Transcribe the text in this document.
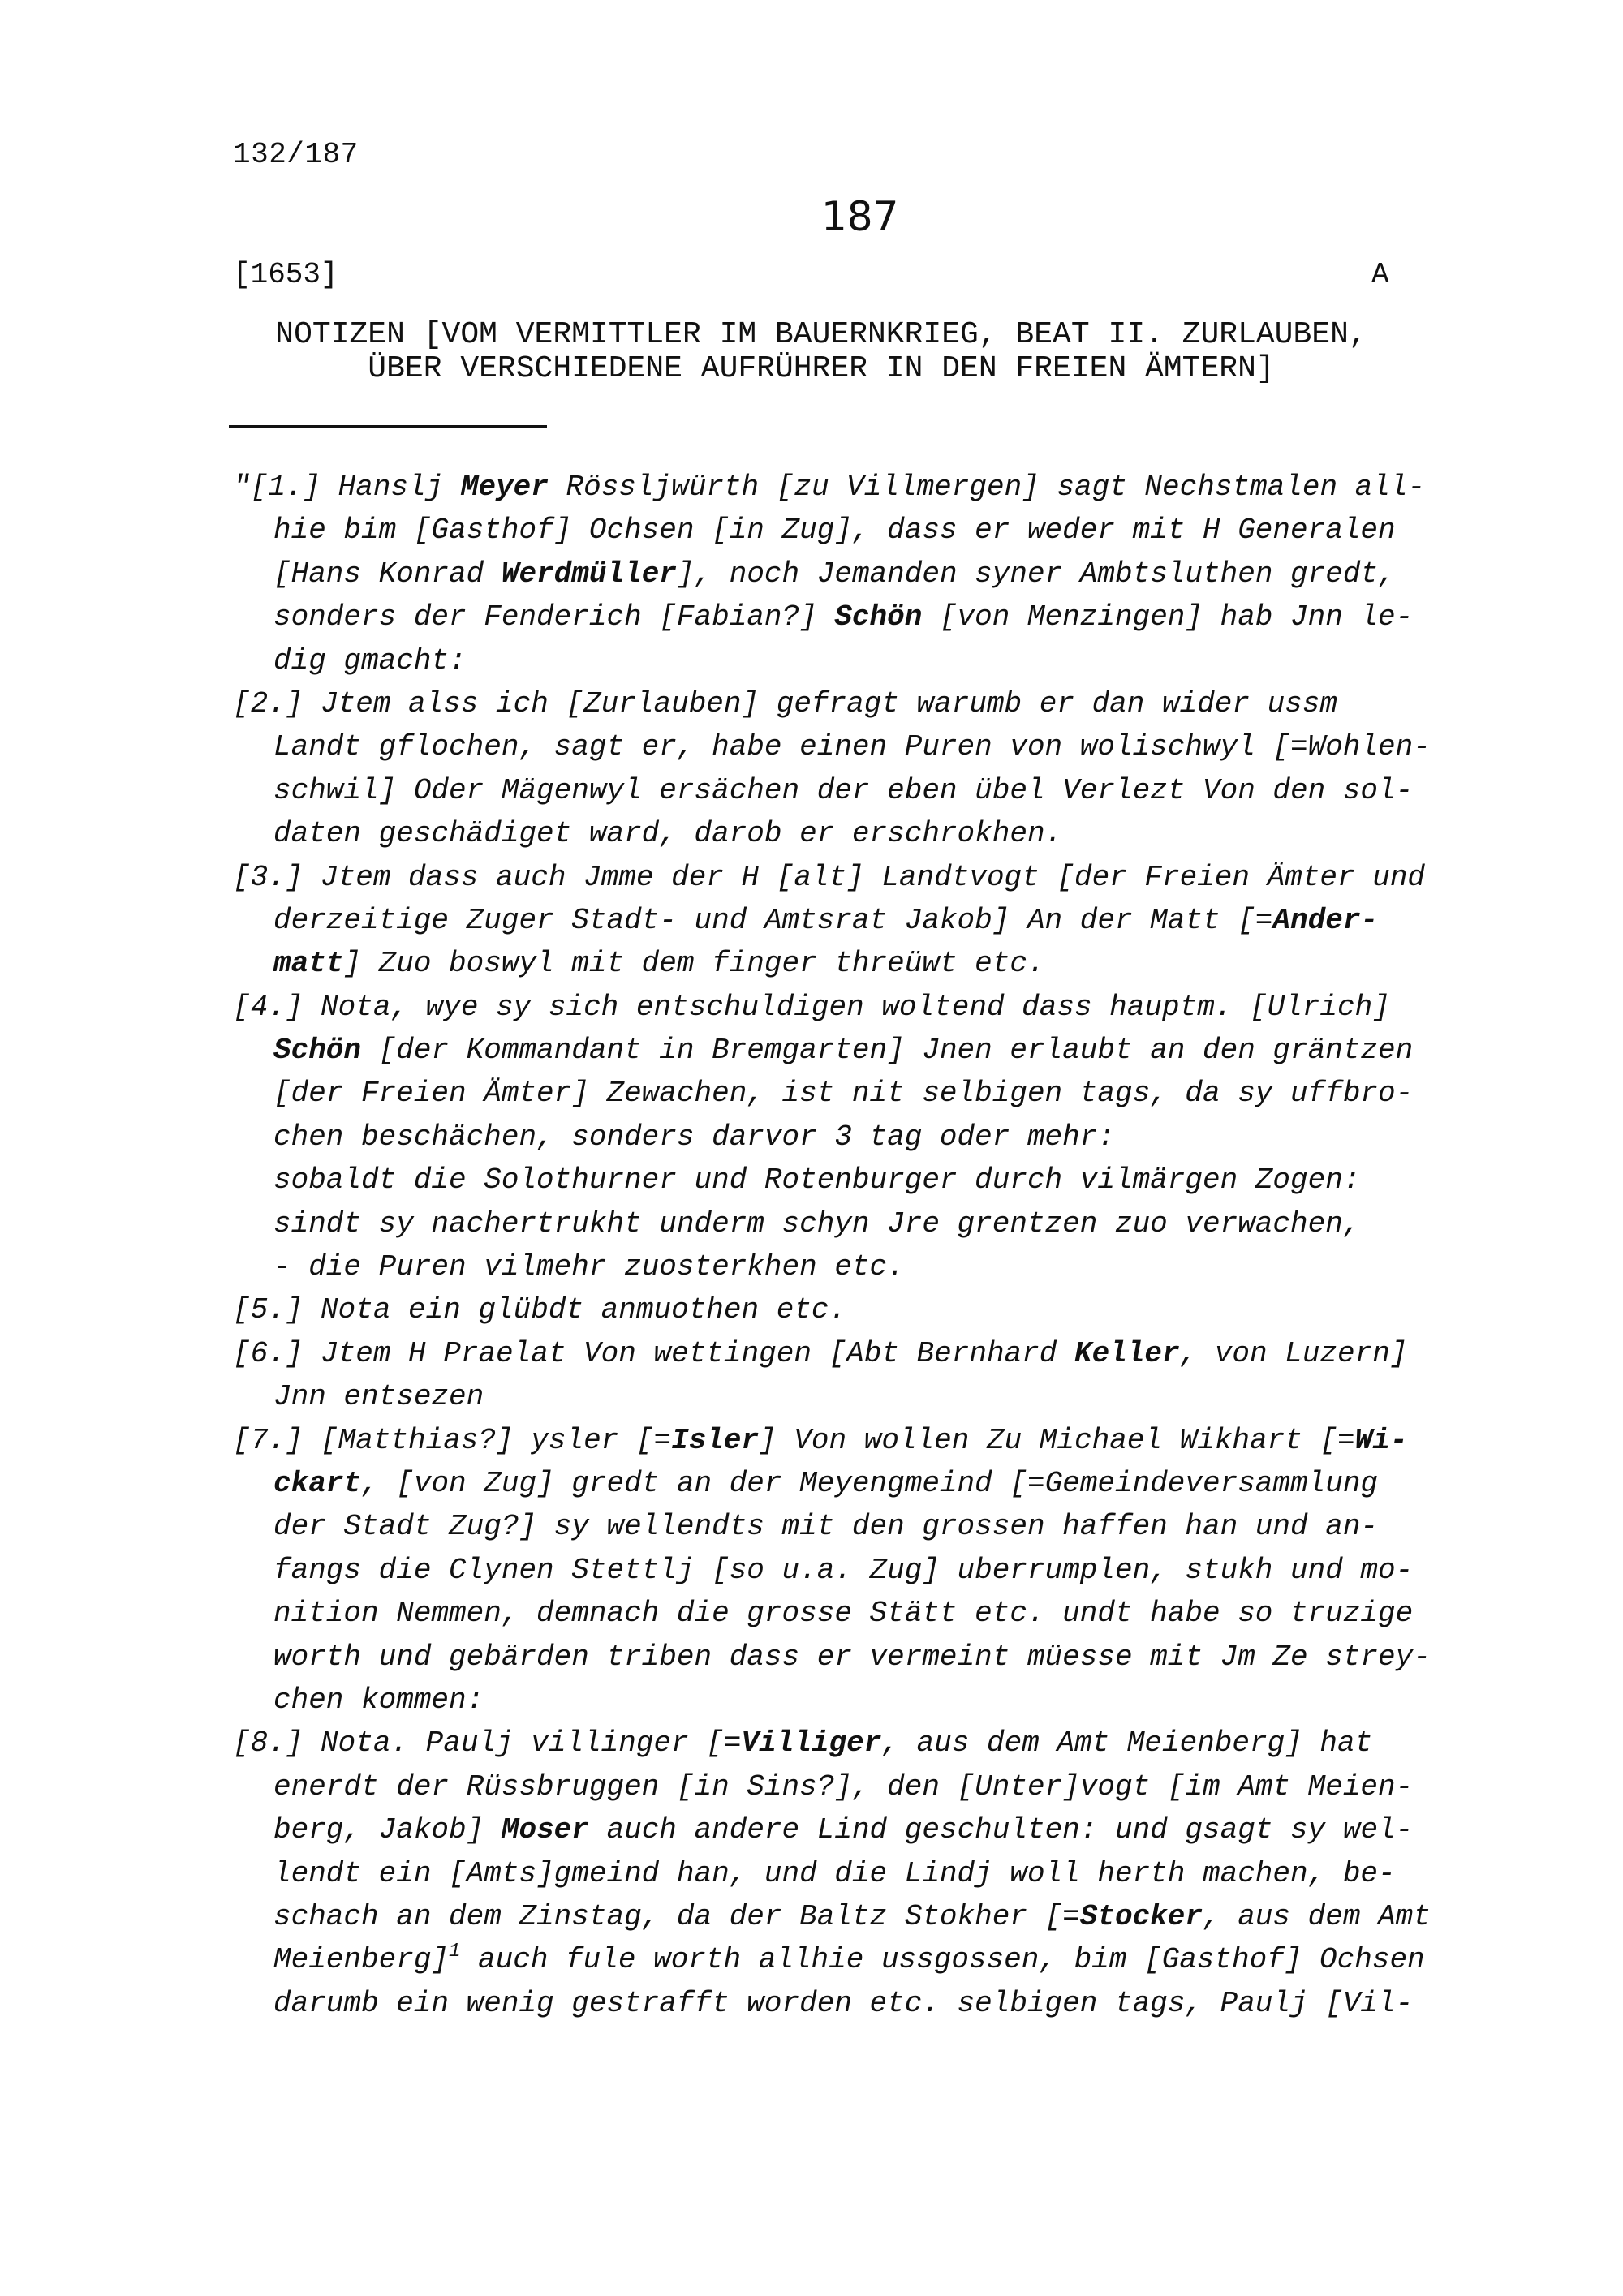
132/187
187
[1653]	A
NOTIZEN [VOM VERMITTLER IM BAUERNKRIEG, BEAT II. ZURLAUBEN,
ÜBER VERSCHIEDENE AUFRÜHRER IN DEN FREIEN ÄMTERN]
"[1.] Hanslj Meyer Rössljwürth [zu Villmergen] sagt Nechstmalen all-
hie bim [Gasthof] Ochsen [in Zug], dass er weder mit H Generalen
[Hans Konrad Werdmüller], noch Jemanden syner Ambtsluthen gredt,
sonders der Fenderich [Fabian?] Schön [von Menzingen] hab Jnn le-
dig gmacht:
[2.] Jtem alss ich [Zurlauben] gefragt warumb er dan wider ussm
Landt gflochen, sagt er, habe einen Puren von wolischwyl [=Wohlen-
schwil] Oder Mägenwyl ersächen der eben übel Verlezt Von den sol-
daten geschädiget ward, darob er erschrokhen.
[3.] Jtem dass auch Jmme der H [alt] Landtvogt [der Freien Ämter und
derzeitige Zuger Stadt- und Amtsrat Jakob] An der Matt [=Ander-
matt] Zuo boswyl mit dem finger threüwt etc.
[4.] Nota, wye sy sich entschuldigen woltend dass hauptm. [Ulrich]
Schön [der Kommandant in Bremgarten] Jnen erlaubt an den gräntzen
[der Freien Ämter] Zewachen, ist nit selbigen tags, da sy uffbro-
chen beschächen, sonders darvor 3 tag oder mehr:
sobaldt die Solothurner und Rotenburger durch vilmärgen Zogen:
sindt sy nachertrukht underm schyn Jre grentzen zuo verwachen,
- die Puren vilmehr zuosterkhen etc.
[5.] Nota ein glübdt anmuothen etc.
[6.] Jtem H Praelat Von wettingen [Abt Bernhard Keller, von Luzern]
Jnn entsezen
[7.] [Matthias?] ysler [=Isler] Von wollen Zu Michael Wikhart [=Wi-
ckart, [von Zug] gredt an der Meyengmeind [=Gemeindeversammlung
der Stadt Zug?] sy wellendts mit den grossen haffen han und an-
fangs die Clynen Stettlj [so u.a. Zug] uberrumplen, stukh und mo-
nition Nemmen, demnach die grosse Stätt etc. undt habe so truzige
worth und gebärden triben dass er vermeint müesse mit Jm Ze strey-
chen kommen:
[8.] Nota. Paulj villinger [=Villiger, aus dem Amt Meienberg] hat
enerdt der Rüssbruggen [in Sins?], den [Unter]vogt [im Amt Meien-
berg, Jakob] Moser auch andere Lind geschulten: und gsagt sy wel-
lendt ein [Amts]gmeind han, und die Lindj woll herth machen, be-
schach an dem Zinstag, da der Baltz Stokher [=Stocker, aus dem Amt
Meienberg]$^1$ auch fule worth allhie ussgossen, bim [Gasthof] Ochsen
darumb ein wenig gestrafft worden etc. selbigen tags, Paulj [Vil-
